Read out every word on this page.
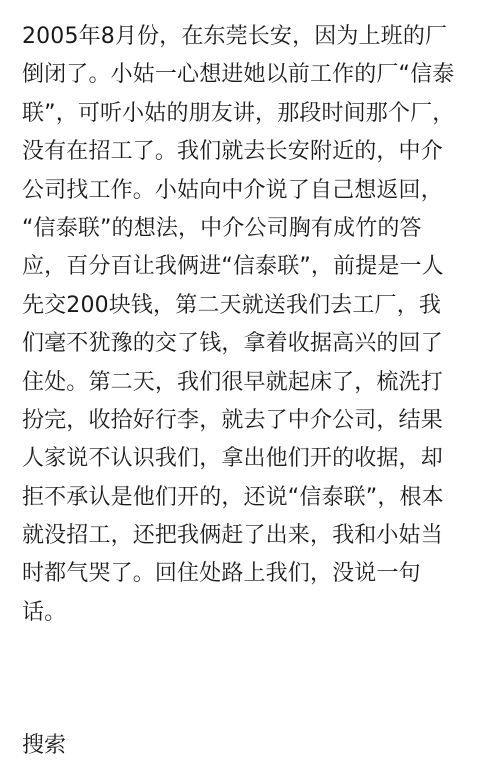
2005年8月份，在东莞长安，因为上班的厂
倒闭了。小姑一心想进她以前工作的厂“信泰
联”，可听小姑的朋友讲，那段时间那个厂，
没有在招工了。我们就去长安附近的，中介
公司找工作。小姑向中介说了自己想返回，
“信泰联”的想法，中介公司胸有成竹的答
应，百分百让我俩进“信泰联”，前提是一人
先交200块钱，第二天就送我们去工厂，我
们毫不犹豫的交了钱，拿着收据高兴的回了
住处。第二天，我们很早就起床了，梳洗打
扮完，收拾好行李，就去了中介公司，结果
人家说不认识我们，拿出他们开的收据，却
拒不承认是他们开的，还说“信泰联”，根本
就没招工，还把我俩赶了出来，我和小姑当
时都气哭了。回住处路上我们，没说一句
话。
搜索
